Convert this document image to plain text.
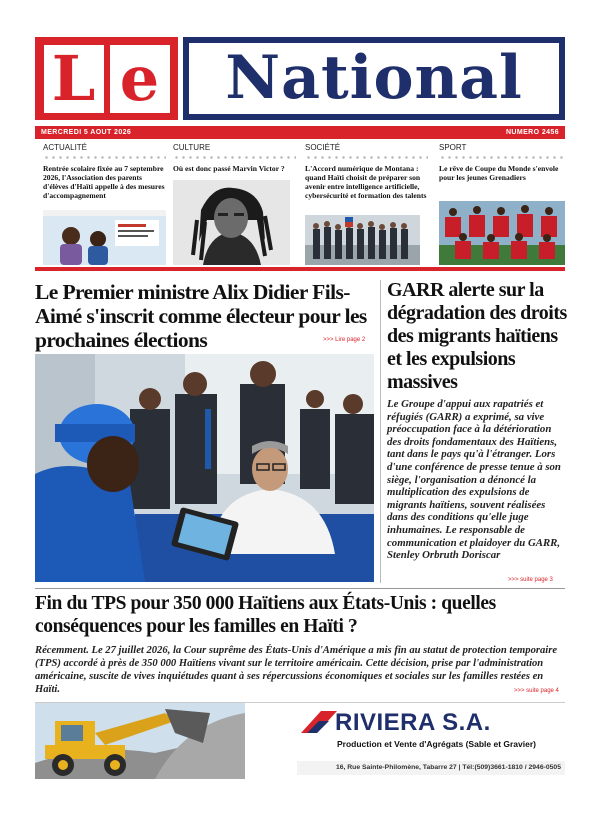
L e	National
MERCREDI 5 AOUT 2026	NUMERO 2456
ACTUALITÉ
Rentrée scolaire fixée au 7 septembre 2026, l'Association des parents d'élèves d'Haïti appelle à des mesures d'accompagnement
CULTURE
Où est donc passé Marvin Victor ?
SOCIÉTÉ
L'Accord numérique de Montana : quand Haïti choisit de préparer son avenir entre intelligence artificielle, cybersécurité et formation des talents
SPORT
Le rêve de Coupe du Monde s'envole pour les jeunes Grenadiers
Le Premier ministre Alix Didier Fils-Aimé s'inscrit comme électeur pour les prochaines élections	>>> Lire page 2
GARR alerte sur la dégradation des droits des migrants haïtiens et les expulsions massives
Le Groupe d'appui aux rapatriés et réfugiés (GARR) a exprimé, sa vive préoccupation face à la détérioration des droits fondamentaux des Haïtiens, tant dans le pays qu'à l'étranger. Lors d'une conférence de presse tenue à son siège, l'organisation a dénoncé la multiplication des expulsions de migrants haïtiens, souvent réalisées dans des conditions qu'elle juge inhumaines. Le responsable de communication et plaidoyer du GARR, Stenley Orbruth Doriscar
>>> suite page 3
Fin du TPS pour 350 000 Haïtiens aux États-Unis : quelles conséquences pour les familles en Haïti ?
Récemment. Le 27 juillet 2026, la Cour suprême des États-Unis d'Amérique a mis fin au statut de protection temporaire (TPS) accordé à près de 350 000 Haïtiens vivant sur le territoire américain. Cette décision, prise par l'administration américaine, suscite de vives inquiétudes quant à ses répercussions économiques et sociales sur les familles restées en Haïti.	>>> suite page 4
RIVIERA S.A.
Production et Vente d'Agrégats (Sable et Gravier)
16, Rue Sainte-Philomène, Tabarre 27 | Tél:(509)3661-1810 / 2946-0505
